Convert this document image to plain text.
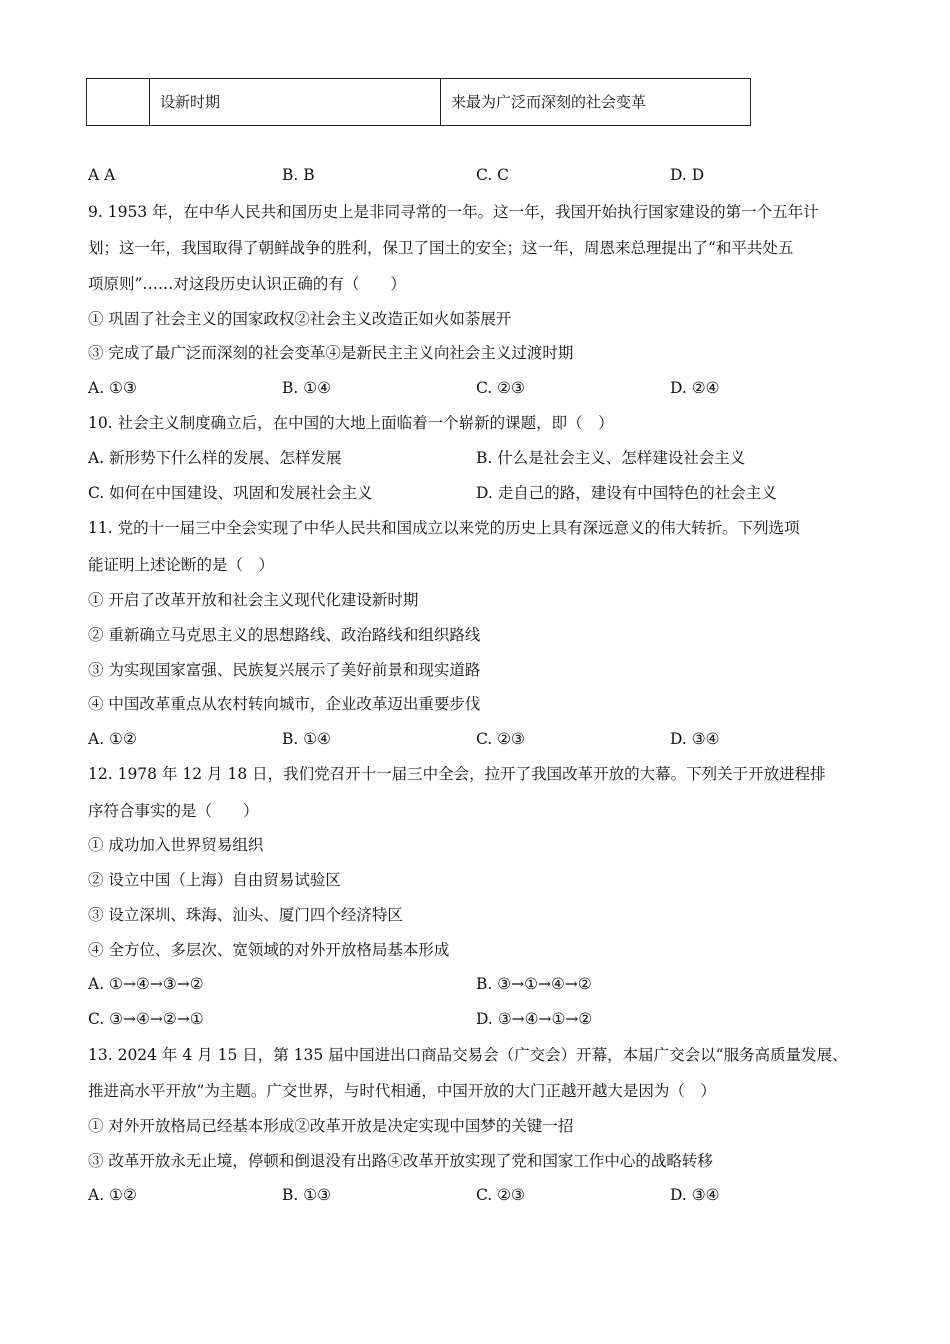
	设新时期	来最为广泛而深刻的社会变革
A A	B. B	C. C	D. D
9. 1953 年，在中华人民共和国历史上是非同寻常的一年。这一年，我国开始执行国家建设的第一个五年计
划；这一年，我国取得了朝鲜战争的胜利，保卫了国土的安全；这一年，周恩来总理提出了“和平共处五
项原则”……对这段历史认识正确的有（　　）
① 巩固了社会主义的国家政权②社会主义改造正如火如荼展开
③ 完成了最广泛而深刻的社会变革④是新民主主义向社会主义过渡时期
A. ①③	B. ①④	C. ②③	D. ②④
10. 社会主义制度确立后，在中国的大地上面临着一个崭新的课题，即（　）
A. 新形势下什么样的发展、怎样发展	B. 什么是社会主义、怎样建设社会主义
C. 如何在中国建设、巩固和发展社会主义	D. 走自己的路，建设有中国特色的社会主义
11. 党的十一届三中全会实现了中华人民共和国成立以来党的历史上具有深远意义的伟大转折。下列选项
能证明上述论断的是（　）
① 开启了改革开放和社会主义现代化建设新时期
② 重新确立马克思主义的思想路线、政治路线和组织路线
③ 为实现国家富强、民族复兴展示了美好前景和现实道路
④ 中国改革重点从农村转向城市，企业改革迈出重要步伐
A. ①②	B. ①④	C. ②③	D. ③④
12. 1978 年 12 月 18 日，我们党召开十一届三中全会，拉开了我国改革开放的大幕。下列关于开放进程排
序符合事实的是（　　）
① 成功加入世界贸易组织
② 设立中国（上海）自由贸易试验区
③ 设立深圳、珠海、汕头、厦门四个经济特区
④ 全方位、多层次、宽领域的对外开放格局基本形成
A. ①→④→③→②	B. ③→①→④→②
C. ③→④→②→①	D. ③→④→①→②
13. 2024 年 4 月 15 日，第 135 届中国进出口商品交易会（广交会）开幕，本届广交会以“服务高质量发展、
推进高水平开放”为主题。广交世界，与时代相通，中国开放的大门正越开越大是因为（　）
① 对外开放格局已经基本形成②改革开放是决定实现中国梦的关键一招
③ 改革开放永无止境，停顿和倒退没有出路④改革开放实现了党和国家工作中心的战略转移
A. ①②	B. ①③	C. ②③	D. ③④
